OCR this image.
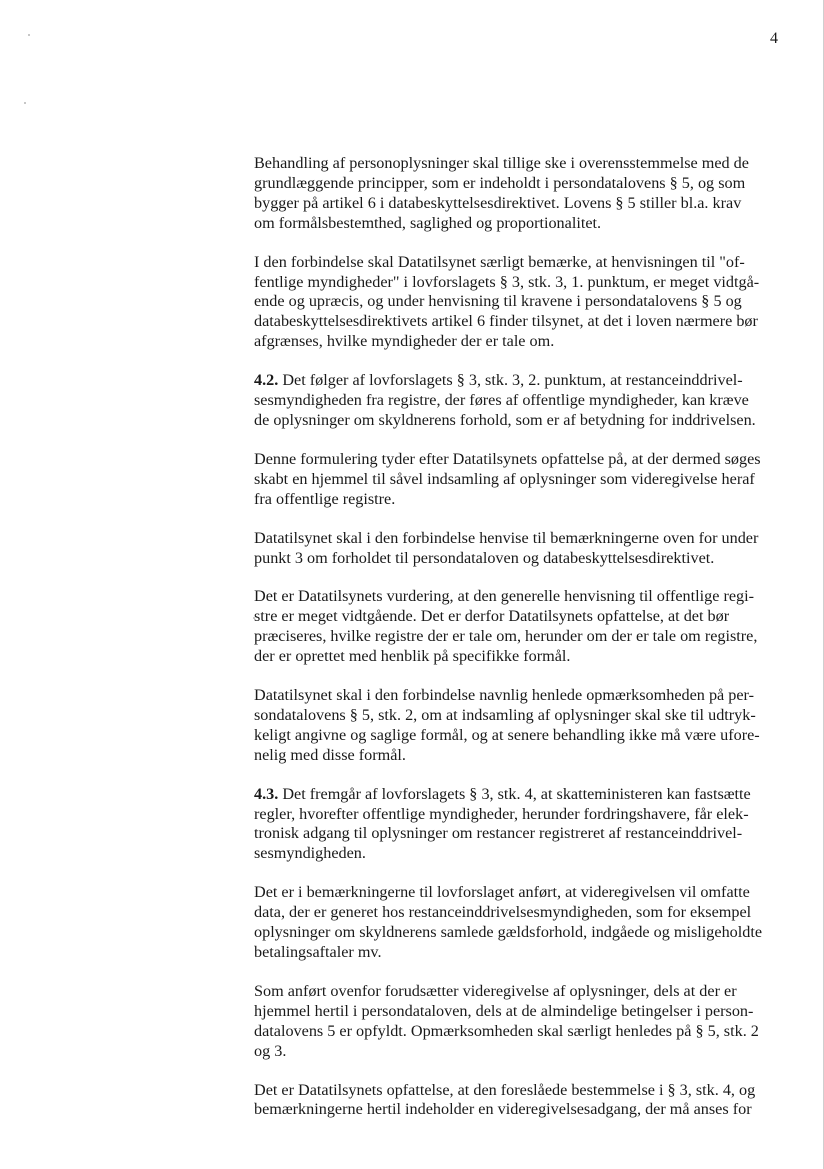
4

Behandling af personoplysninger skal tillige ske i overensstemmelse med de
grundlæggende principper, som er indeholdt i persondatalovens § 5, og som
bygger på artikel 6 i databeskyttelsesdirektivet. Lovens § 5 stiller bl.a. krav
om formålsbestemthed, saglighed og proportionalitet.

I den forbindelse skal Datatilsynet særligt bemærke, at henvisningen til "of-
fentlige myndigheder" i lovforslagets § 3, stk. 3, 1. punktum, er meget vidtgå-
ende og upræcis, og under henvisning til kravene i persondatalovens § 5 og
databeskyttelsesdirektivets artikel 6 finder tilsynet, at det i loven nærmere bør
afgrænses, hvilke myndigheder der er tale om.

4.2. Det følger af lovforslagets § 3, stk. 3, 2. punktum, at restanceinddrivel-
sesmyndigheden fra registre, der føres af offentlige myndigheder, kan kræve
de oplysninger om skyldnerens forhold, som er af betydning for inddrivelsen.

Denne formulering tyder efter Datatilsynets opfattelse på, at der dermed søges
skabt en hjemmel til såvel indsamling af oplysninger som videregivelse heraf
fra offentlige registre.

Datatilsynet skal i den forbindelse henvise til bemærkningerne oven for under
punkt 3 om forholdet til persondataloven og databeskyttelsesdirektivet.

Det er Datatilsynets vurdering, at den generelle henvisning til offentlige regi-
stre er meget vidtgående. Det er derfor Datatilsynets opfattelse, at det bør
præciseres, hvilke registre der er tale om, herunder om der er tale om registre,
der er oprettet med henblik på specifikke formål.

Datatilsynet skal i den forbindelse navnlig henlede opmærksomheden på per-
sondatalovens § 5, stk. 2, om at indsamling af oplysninger skal ske til udtryk-
keligt angivne og saglige formål, og at senere behandling ikke må være ufore-
nelig med disse formål.

4.3. Det fremgår af lovforslagets § 3, stk. 4, at skatteministeren kan fastsætte
regler, hvorefter offentlige myndigheder, herunder fordringshavere, får elek-
tronisk adgang til oplysninger om restancer registreret af restanceinddrivel-
sesmyndigheden.

Det er i bemærkningerne til lovforslaget anført, at videregivelsen vil omfatte
data, der er generet hos restanceinddrivelsesmyndigheden, som for eksempel
oplysninger om skyldnerens samlede gældsforhold, indgåede og misligeholdte
betalingsaftaler mv.

Som anført ovenfor forudsætter videregivelse af oplysninger, dels at der er
hjemmel hertil i persondataloven, dels at de almindelige betingelser i person-
datalovens 5 er opfyldt. Opmærksomheden skal særligt henledes på § 5, stk. 2
og 3.

Det er Datatilsynets opfattelse, at den foreslåede bestemmelse i § 3, stk. 4, og
bemærkningerne hertil indeholder en videregivelsesadgang, der må anses for
